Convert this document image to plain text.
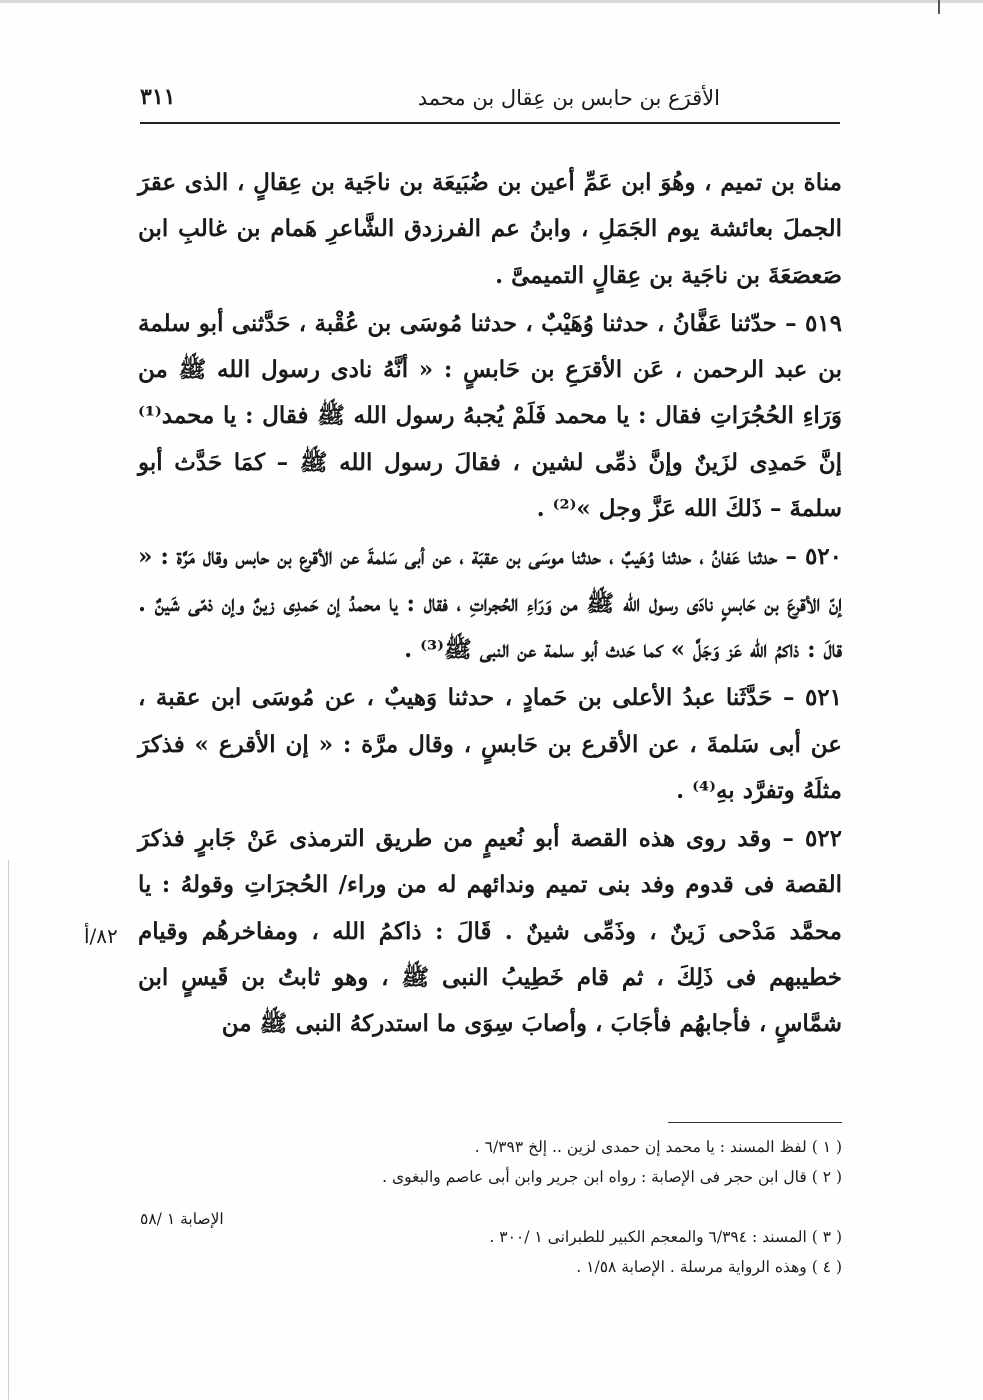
الأقرَع بن حابس بن عِقال بن محمد
٣١١

مناة بن تميم ، وهُوَ ابن عَمِّ أعين بن ضُبَيعَة بن ناجَية بن عِقالٍ ، الذى عقرَ الجملَ بعائشة يوم الجَمَلِ ، وابنُ عم الفرزدق الشَّاعرِ هَمام بن غالبِ ابن صَعصَعَةَ بن ناجَية بن عِقالٍ التميمىَّ .

٥١٩ – حدّثنا عَفَّانُ ، حدثنا وُهَيْبٌ ، حدثنا مُوسَى بن عُقْبة ، حَدَّثنى أبو سلمة بن عبد الرحمن ، عَن الأقرَعِ بن حَابسٍ : « أنَّهُ نادى رسول الله ﷺ من وَرَاءِ الحُجُرَاتِ فقال : يا محمد فَلَمْ يُجبهُ رسول الله ﷺ فقال : يا محمد⁽¹⁾ إنَّ حَمدِى لزَينٌ وإنَّ ذمِّى لشين ، فقالَ رسول الله ﷺ – كمَا حَدَّث أبو سلمةَ – ذَلكَ الله عَزَّ وجل »⁽²⁾ .

٥٢٠ – حدثنا عَفانُ ، حدثنا وُهَيبٌ ، حدثنا موسَى بن عقبَة ، عن أبى سَلمةَ عن الأقرع بن حابس وقال مَرَّة : « إنّ الأقرعَ بن حَابسٍ نادَى رسول الله ﷺ من وَرَاءِ الحُجراتِ ، فقال : يا محمدُ إن حَمدِى زينٌ وإن ذمّى شَينٌ . قالَ : ذاكمُ الله عَز وَجَلَّ » كما حَدث أبو سلمة عن النبى ﷺ⁽³⁾ .

٥٢١ – حَدَّثَنا عبدُ الأعلى بن حَمادٍ ، حدثنا وَهيبٌ ، عن مُوسَى ابن عقبة ، عن أبى سَلمةَ ، عن الأقرع بن حَابسٍ ، وقال مرَّة : « إن الأقرع » فذكرَ مثلَهُ وتفرَّد بهِ⁽⁴⁾ .

٥٢٢ – وقد روى هذه القصة أبو نُعيمٍ من طريق الترمذى عَنْ جَابرٍ فذكرَ القصة فى قدوم وفد بنى تميم وندائهم له من وراء/ الحُجرَاتِ وقولهُ : يا محمَّد مَدْحى زَينٌ ، وذَمِّى شينٌ . قَالَ : ذاكمُ الله ، ومفاخرهُم وقيام خطيبهم فى ذَلِكَ ، ثم قام خَطِيبُ النبى ﷺ ، وهو ثابتُ بن قَيسٍ ابن شمَّاسٍ ، فأجابهُم فأجَابَ ، وأصابَ سِوَى ما استدركهُ النبى ﷺ من

٨٢/أ
( ١ ) لفظ المسند : يا محمد إن حمدى لزين .. إلخ ٦/٣٩٣ .
( ٢ ) قال ابن حجر فى الإصابة : رواه ابن جرير وابن أبى عاصم والبغوى .
( ٣ ) المسند : ٦/٣٩٤ والمعجم الكبير للطبرانى ١ /٣٠٠ .
( ٤ ) وهذه الرواية مرسلة . الإصابة ١/٥٨ .
الإصابة ١ /٥٨
